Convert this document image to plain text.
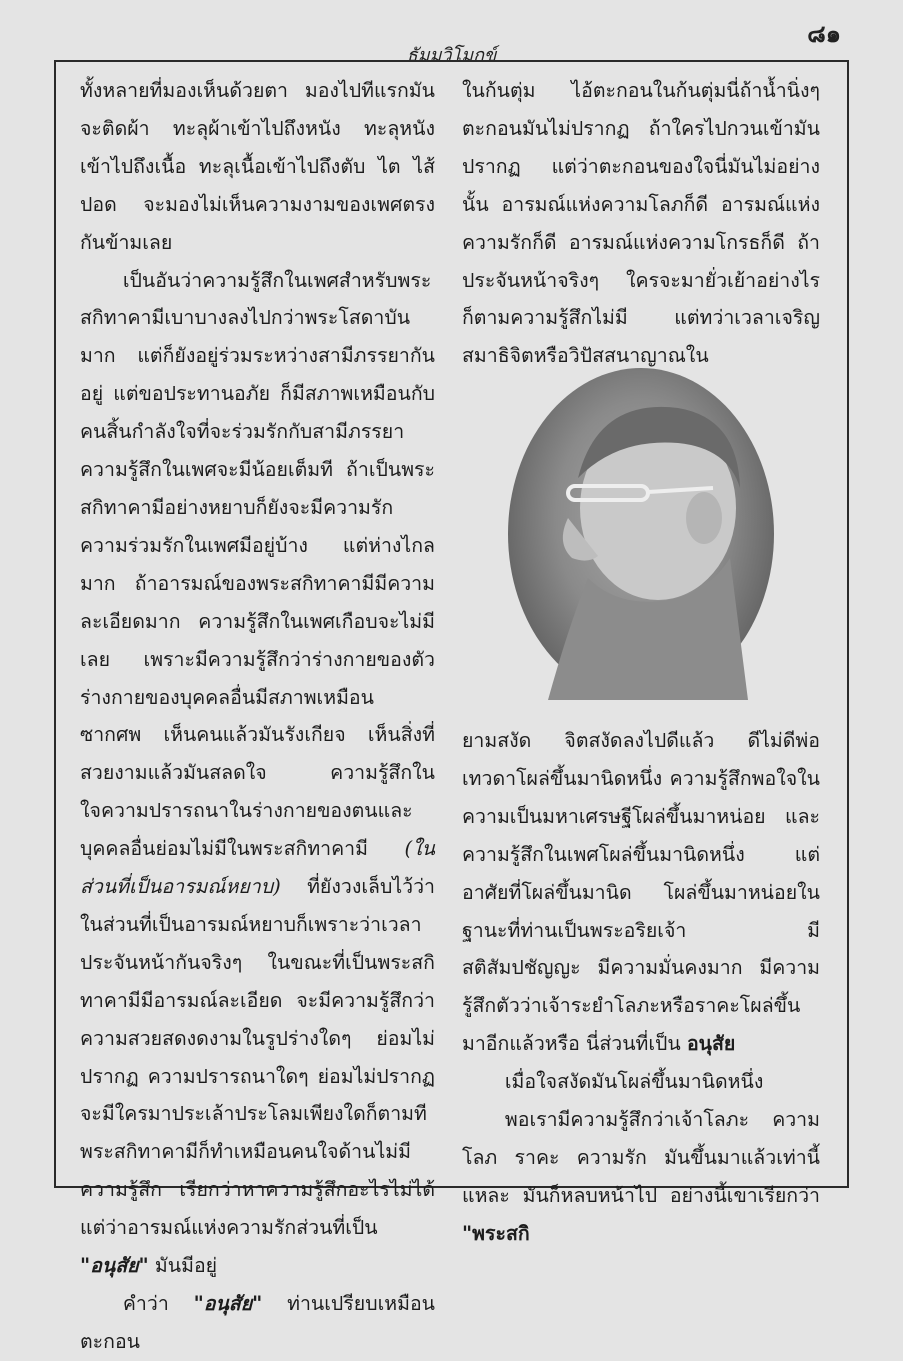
๘๑
ธัมมวิโมกข์

ทั้งหลายที่มองเห็นด้วยตา มองไปทีแรกมันจะติดผ้า ทะลุผ้าเข้าไปถึงหนัง ทะลุหนังเข้าไปถึงเนื้อ ทะลุเนื้อเข้าไปถึงตับ ไต ไส้ ปอด จะมองไม่เห็นความงามของเพศตรงกันข้ามเลย

เป็นอันว่าความรู้สึกในเพศสำหรับพระสกิทาคามีเบาบางลงไปกว่าพระโสดาบันมาก แต่ก็ยังอยู่ร่วมระหว่างสามีภรรยากันอยู่ แต่ขอประทานอภัย ก็มีสภาพเหมือนกับคนสิ้นกำลังใจที่จะร่วมรักกับสามีภรรยา ความรู้สึกในเพศจะมีน้อยเต็มที ถ้าเป็นพระสกิทาคามีอย่างหยาบก็ยังจะมีความรักความร่วมรักในเพศมีอยู่บ้าง แต่ห่างไกลมาก ถ้าอารมณ์ของพระสกิทาคามีมีความละเอียดมาก ความรู้สึกในเพศเกือบจะไม่มีเลย เพราะมีความรู้สึกว่าร่างกายของตัว ร่างกายของบุคคลอื่นมีสภาพเหมือนซากศพ เห็นคนแล้วมันรังเกียจ เห็นสิ่งที่สวยงามแล้วมันสลดใจ ความรู้สึกในใจความปรารถนาในร่างกายของตนและบุคคลอื่นย่อมไม่มีในพระสกิทาคามี (ในส่วนที่เป็นอารมณ์หยาบ) ที่ยังวงเล็บไว้ว่าในส่วนที่เป็นอารมณ์หยาบก็เพราะว่าเวลาประจันหน้ากันจริงๆ ในขณะที่เป็นพระสกิทาคามีมีอารมณ์ละเอียด จะมีความรู้สึกว่าความสวยสดงดงามในรูปร่างใดๆ ย่อมไม่ปรากฏ ความปรารถนาใดๆ ย่อมไม่ปรากฏ จะมีใครมาประเล้าประโลมเพียงใดก็ตามที พระสกิทาคามีก็ทำเหมือนคนใจด้านไม่มีความรู้สึก เรียกว่าหาความรู้สึกอะไรไม่ได้ แต่ว่าอารมณ์แห่งความรักส่วนที่เป็น "อนุสัย" มันมีอยู่

คำว่า "อนุสัย" ท่านเปรียบเหมือนตะกอน

ในก้นตุ่ม ไอ้ตะกอนในก้นตุ่มนี่ถ้าน้ำนิ่งๆ ตะกอนมันไม่ปรากฏ ถ้าใครไปกวนเข้ามันปรากฏ แต่ว่าตะกอนของใจนี่มันไม่อย่างนั้น อารมณ์แห่งความโลภก็ดี อารมณ์แห่งความรักก็ดี อารมณ์แห่งความโกรธก็ดี ถ้าประจันหน้าจริงๆ ใครจะมายั่วเย้าอย่างไรก็ตามความรู้สึกไม่มี แต่ทว่าเวลาเจริญสมาธิจิตหรือวิปัสสนาญาณใน

ยามสงัด จิตสงัดลงไปดีแล้ว ดีไม่ดีพ่อเทวดาโผล่ขึ้นมานิดหนึ่ง ความรู้สึกพอใจในความเป็นมหาเศรษฐีโผล่ขึ้นมาหน่อย และความรู้สึกในเพศโผล่ขึ้นมานิดหนึ่ง แต่อาศัยที่โผล่ขึ้นมานิด โผล่ขึ้นมาหน่อยในฐานะที่ท่านเป็นพระอริยเจ้า มีสติสัมปชัญญะ มีความมั่นคงมาก มีความรู้สึกตัวว่าเจ้าระยำโลภะหรือราคะโผล่ขึ้นมาอีกแล้วหรือ นี่ส่วนที่เป็น อนุสัย

เมื่อใจสงัดมันโผล่ขึ้นมานิดหนึ่ง

พอเรามีความรู้สึกว่าเจ้าโลภะ ความโลภ ราคะ ความรัก มันขึ้นมาแล้วเท่านี้แหละ มันก็หลบหน้าไป อย่างนี้เขาเรียกว่า "พระสกิ
